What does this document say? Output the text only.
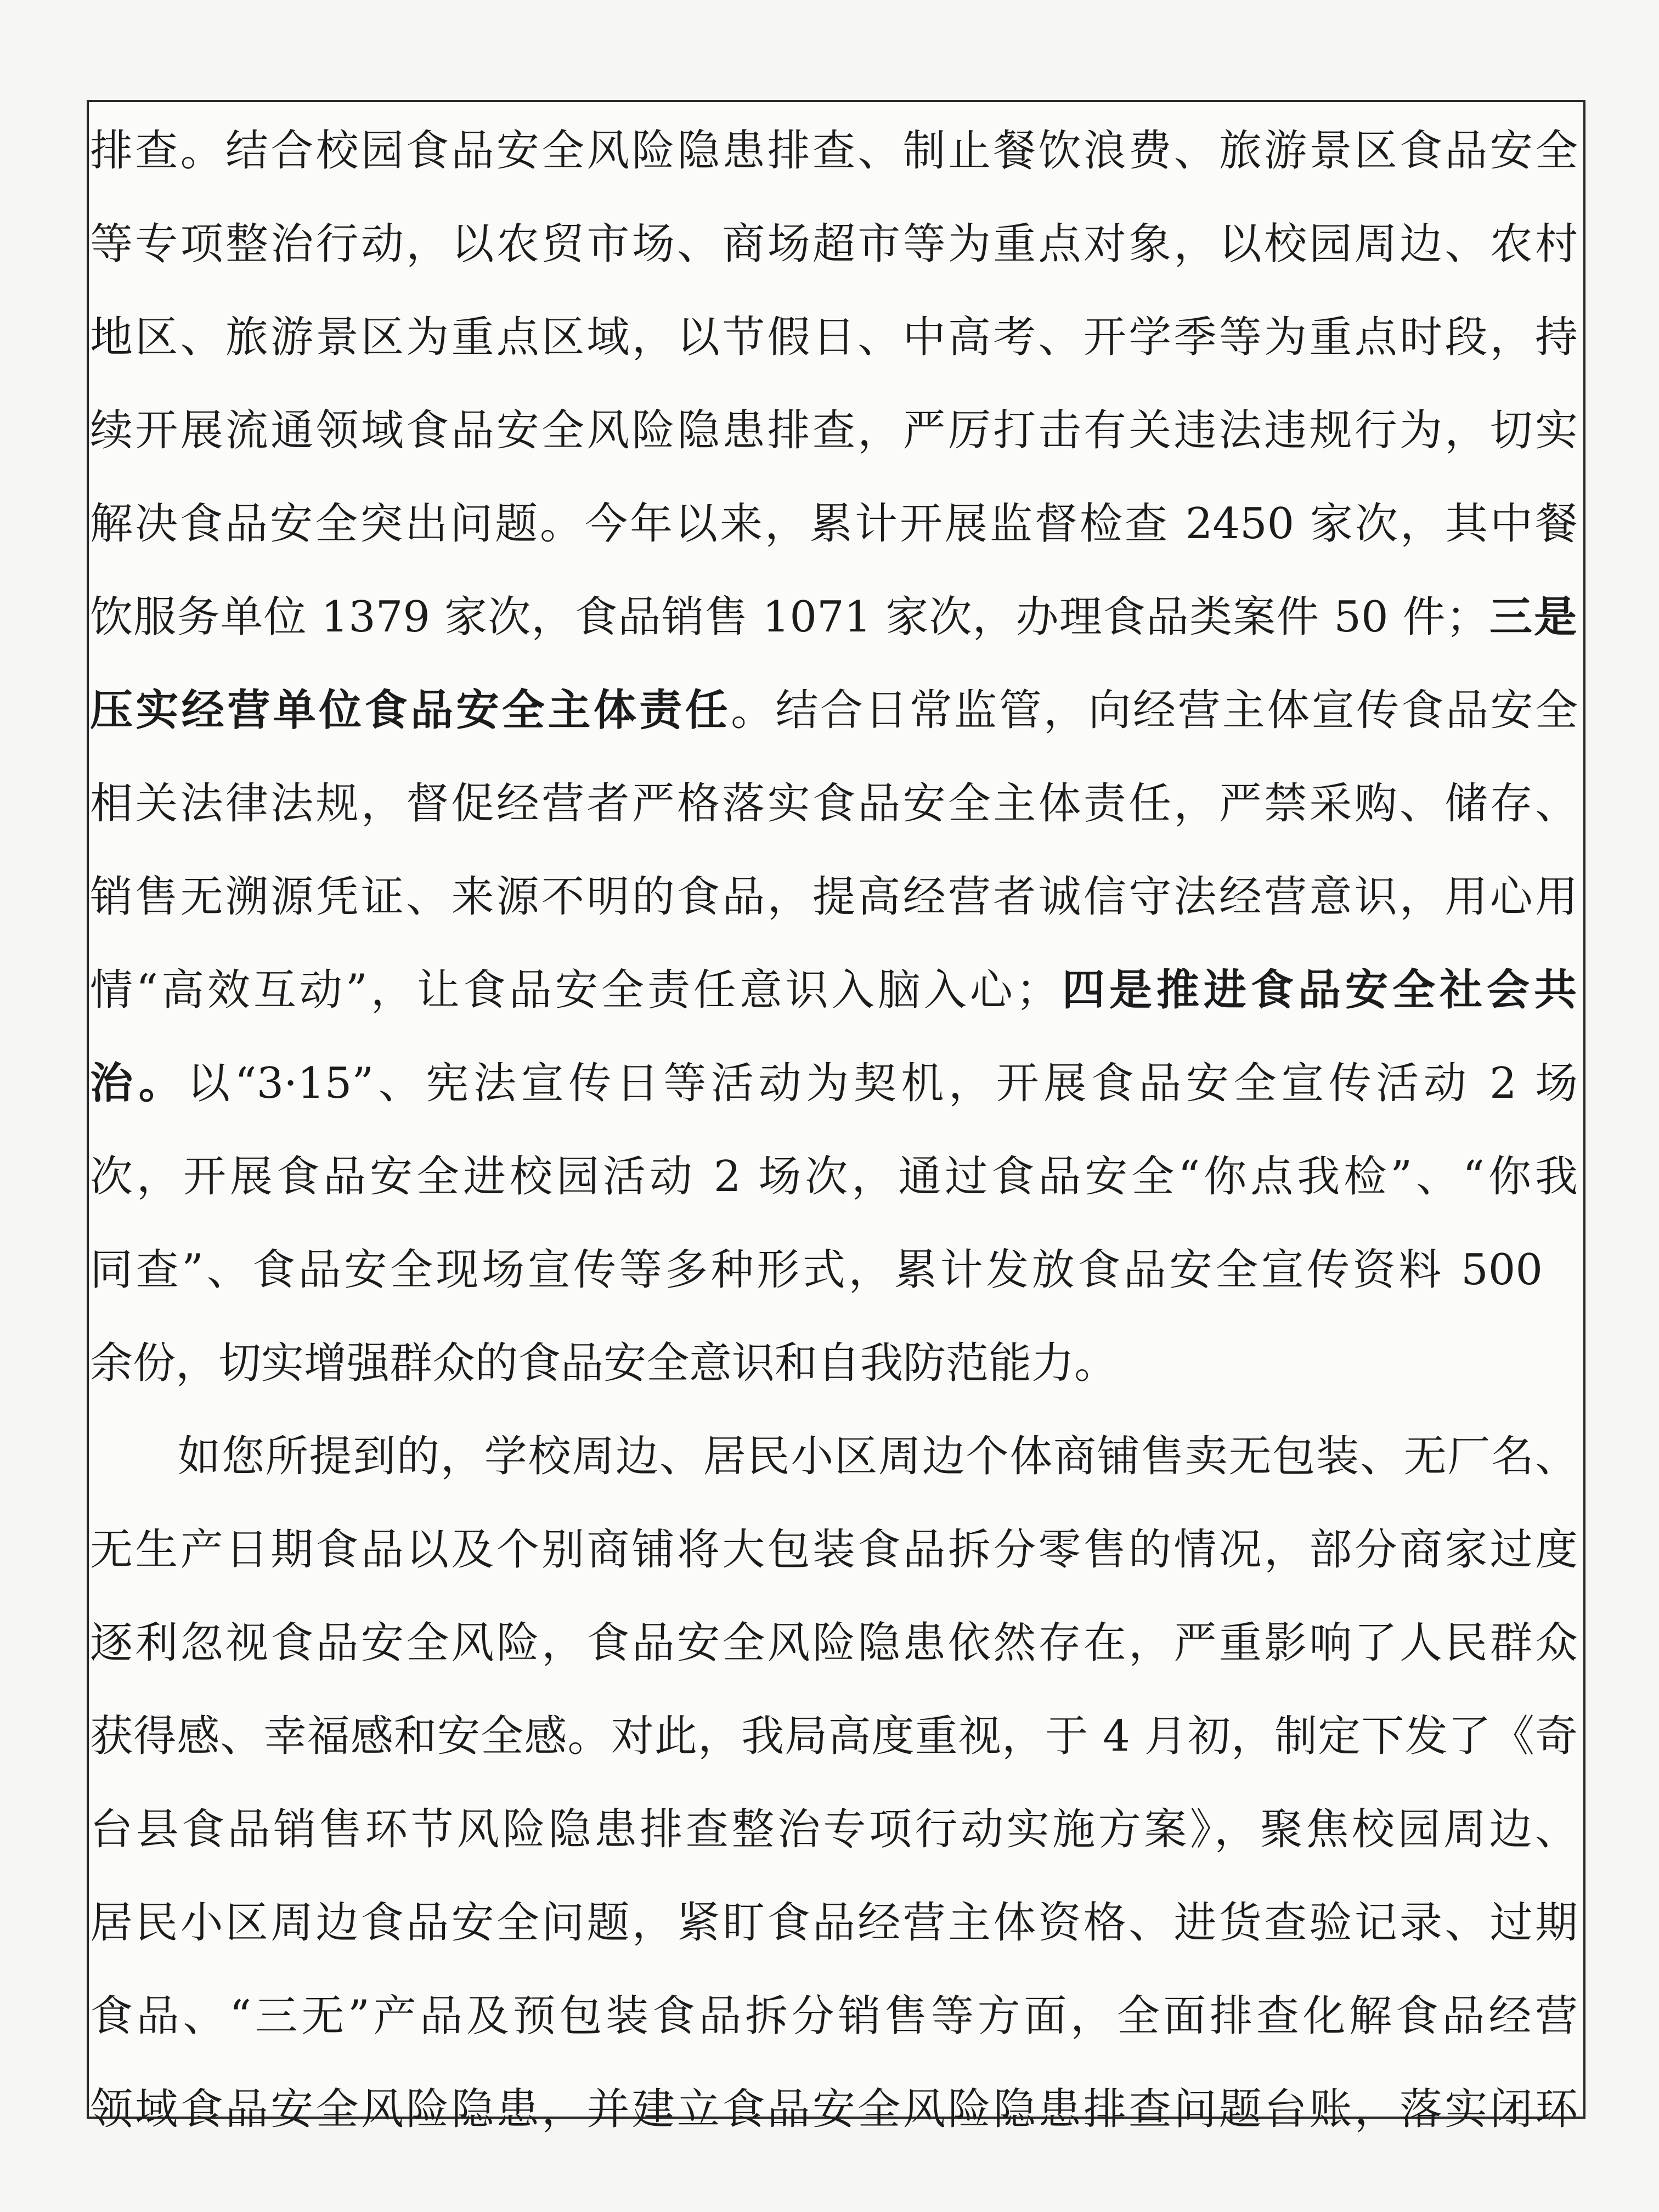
排查。结合校园食品安全风险隐患排查、制止餐饮浪费、旅游景区食品安全
等专项整治行动，以农贸市场、商场超市等为重点对象，以校园周边、农村
地区、旅游景区为重点区域，以节假日、中高考、开学季等为重点时段，持
续开展流通领域食品安全风险隐患排查，严厉打击有关违法违规行为，切实
解决食品安全突出问题。今年以来，累计开展监督检查 2450 家次，其中餐
饮服务单位 1379 家次，食品销售 1071 家次，办理食品类案件 50 件；三是
压实经营单位食品安全主体责任。结合日常监管，向经营主体宣传食品安全
相关法律法规，督促经营者严格落实食品安全主体责任，严禁采购、储存、
销售无溯源凭证、来源不明的食品，提高经营者诚信守法经营意识，用心用
情“高效互动”，让食品安全责任意识入脑入心；四是推进食品安全社会共
治。以“3·15”、宪法宣传日等活动为契机，开展食品安全宣传活动 2 场
次，开展食品安全进校园活动 2 场次，通过食品安全“你点我检”、“你我
同查”、食品安全现场宣传等多种形式，累计发放食品安全宣传资料 500
余份，切实增强群众的食品安全意识和自我防范能力。
如您所提到的，学校周边、居民小区周边个体商铺售卖无包装、无厂名、
无生产日期食品以及个别商铺将大包装食品拆分零售的情况，部分商家过度
逐利忽视食品安全风险，食品安全风险隐患依然存在，严重影响了人民群众
获得感、幸福感和安全感。对此，我局高度重视，于 4 月初，制定下发了《奇
台县食品销售环节风险隐患排查整治专项行动实施方案》，聚焦校园周边、
居民小区周边食品安全问题，紧盯食品经营主体资格、进货查验记录、过期
食品、“三无”产品及预包装食品拆分销售等方面，全面排查化解食品经营
领域食品安全风险隐患，并建立食品安全风险隐患排查问题台账，落实闭环
